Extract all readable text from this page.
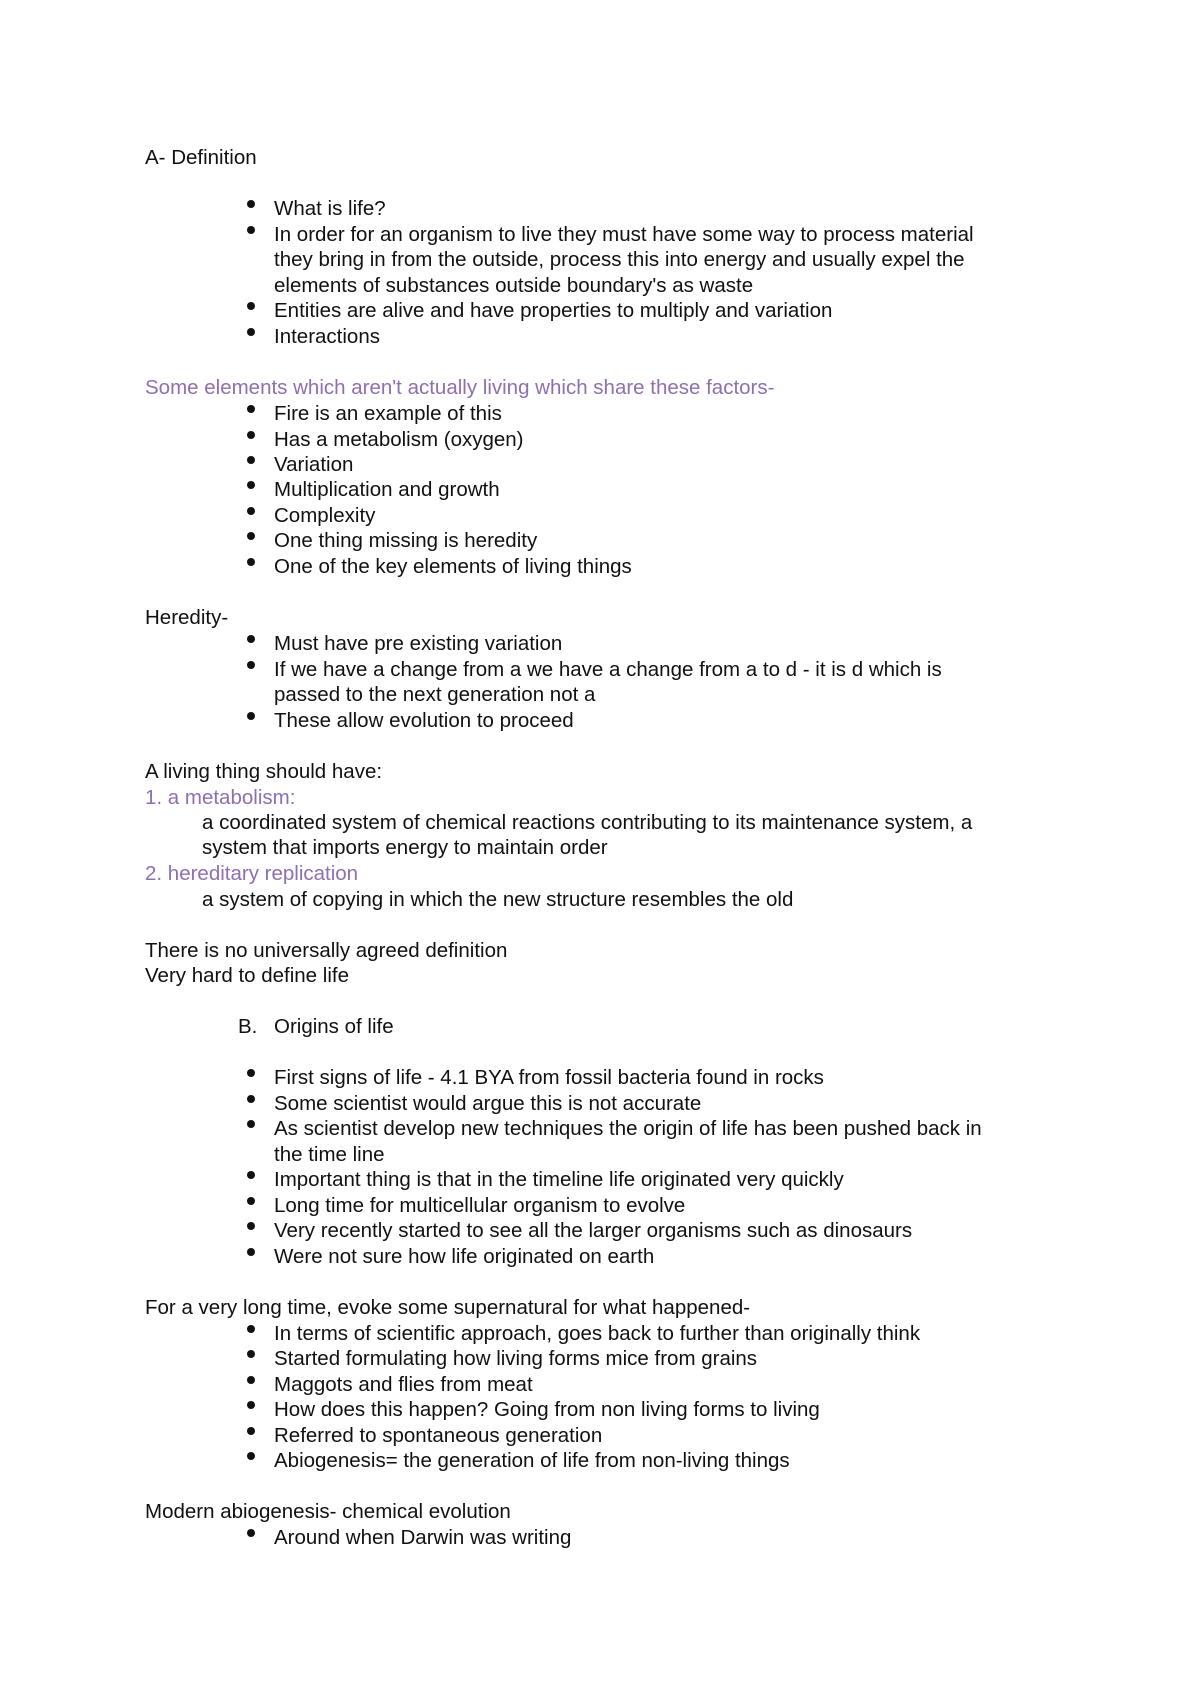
A- Definition
What is life?
In order for an organism to live they must have some way to process material
they bring in from the outside, process this into energy and usually expel the
elements of substances outside boundary's as waste
Entities are alive and have properties to multiply and variation
Interactions
Some elements which aren't actually living which share these factors-
Fire is an example of this
Has a metabolism (oxygen)
Variation
Multiplication and growth
Complexity
One thing missing is heredity
One of the key elements of living things
Heredity-
Must have pre existing variation
If we have a change from a we have a change from a to d - it is d which is
passed to the next generation not a
These allow evolution to proceed
A living thing should have:
1. a metabolism:
a coordinated system of chemical reactions contributing to its maintenance system, a
system that imports energy to maintain order
2. hereditary replication
a system of copying in which the new structure resembles the old
There is no universally agreed definition
Very hard to define life
B. Origins of life
First signs of life - 4.1 BYA from fossil bacteria found in rocks
Some scientist would argue this is not accurate
As scientist develop new techniques the origin of life has been pushed back in
the time line
Important thing is that in the timeline life originated very quickly
Long time for multicellular organism to evolve
Very recently started to see all the larger organisms such as dinosaurs
Were not sure how life originated on earth
For a very long time, evoke some supernatural for what happened-
In terms of scientific approach, goes back to further than originally think
Started formulating how living forms mice from grains
Maggots and flies from meat
How does this happen? Going from non living forms to living
Referred to spontaneous generation
Abiogenesis= the generation of life from non-living things
Modern abiogenesis- chemical evolution
Around when Darwin was writing
